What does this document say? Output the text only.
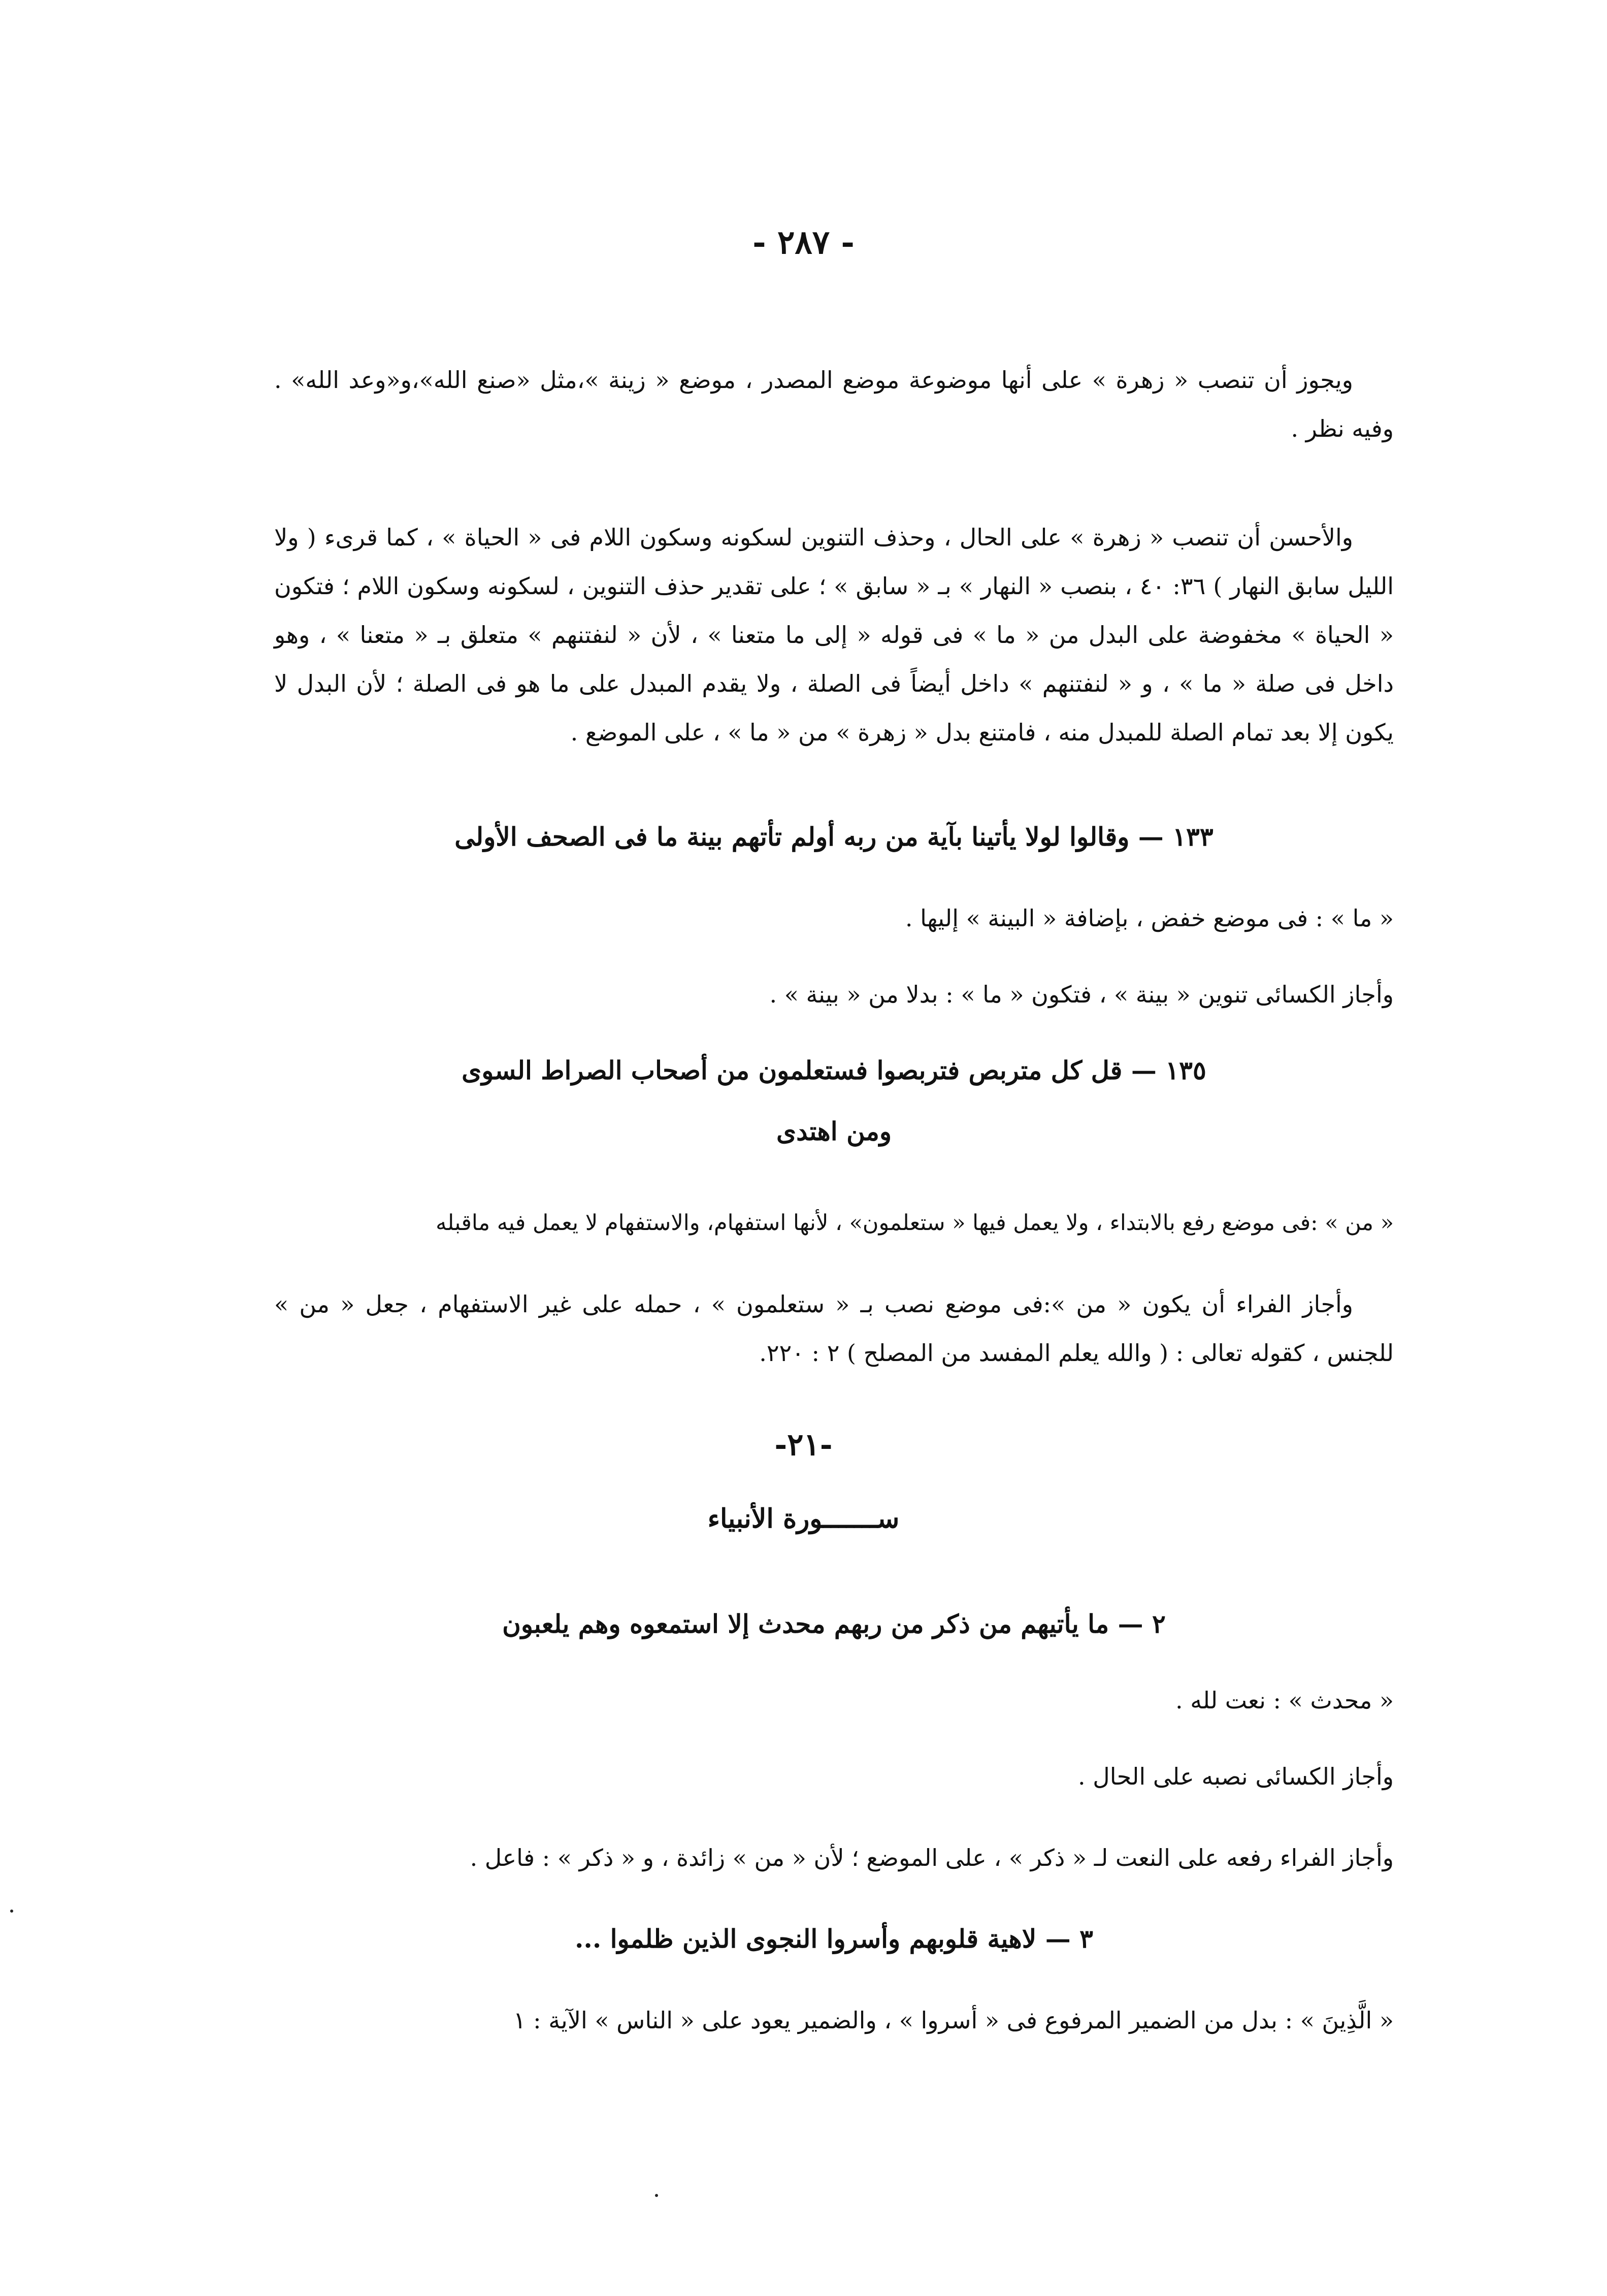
- ٢٨٧ -

ويجوز أن تنصب « زهرة » على أنها موضوعة موضع المصدر ، موضع « زينة »،مثل «صنع الله»،و«وعد الله» . وفيه نظر .

والأحسن أن تنصب « زهرة » على الحال ، وحذف التنوين لسكونه وسكون اللام فى « الحياة » ، كما قرىء ( ولا الليل سابق النهار ) ٣٦: ٤٠ ، بنصب « النهار » بـ « سابق » ؛ على تقدير حذف التنوين ، لسكونه وسكون اللام ؛ فتكون « الحياة » مخفوضة على البدل من « ما » فى قوله « إلى ما متعنا » ، لأن « لنفتنهم » متعلق بـ « متعنا » ، وهو داخل فى صلة « ما » ، و « لنفتنهم » داخل أيضاً فى الصلة ، ولا يقدم المبدل على ما هو فى الصلة ؛ لأن البدل لا يكون إلا بعد تمام الصلة للمبدل منه ، فامتنع بدل « زهرة » من « ما » ، على الموضع .

١٣٣ — وقالوا لولا يأتينا بآية من ربه أولم تأتهم بينة ما فى الصحف الأولى
« ما » : فى موضع خفض ، بإضافة « البينة » إليها .
وأجاز الكسائى تنوين « بينة » ، فتكون « ما » : بدلا من « بينة » .
١٣٥ — قل كل متربص فتربصوا فستعلمون من أصحاب الصراط السوى
ومن اهتدى
« من » :فى موضع رفع بالابتداء ، ولا يعمل فيها « ستعلمون» ، لأنها استفهام، والاستفهام لا يعمل فيه ماقبله

وأجاز الفراء أن يكون « من »:فى موضع نصب بـ « ستعلمون » ، حمله على غير الاستفهام ، جعل « من » للجنس ، كقوله تعالى : ( والله يعلم المفسد من المصلح ) ٢ : ٢٢٠.

-٢١-
ســـــــورة الأنبياء
٢ — ما يأتيهم من ذكر من ربهم محدث إلا استمعوه وهم يلعبون
« محدث » : نعت لله .
وأجاز الكسائى نصبه على الحال .
وأجاز الفراء رفعه على النعت لـ « ذكر » ، على الموضع ؛ لأن « من » زائدة ، و « ذكر » : فاعل .
٣ — لاهية قلوبهم وأسروا النجوى الذين ظلموا ...
« الَّذِينَ » : بدل من الضمير المرفوع فى « أسروا » ، والضمير يعود على « الناس » الآية : ١
